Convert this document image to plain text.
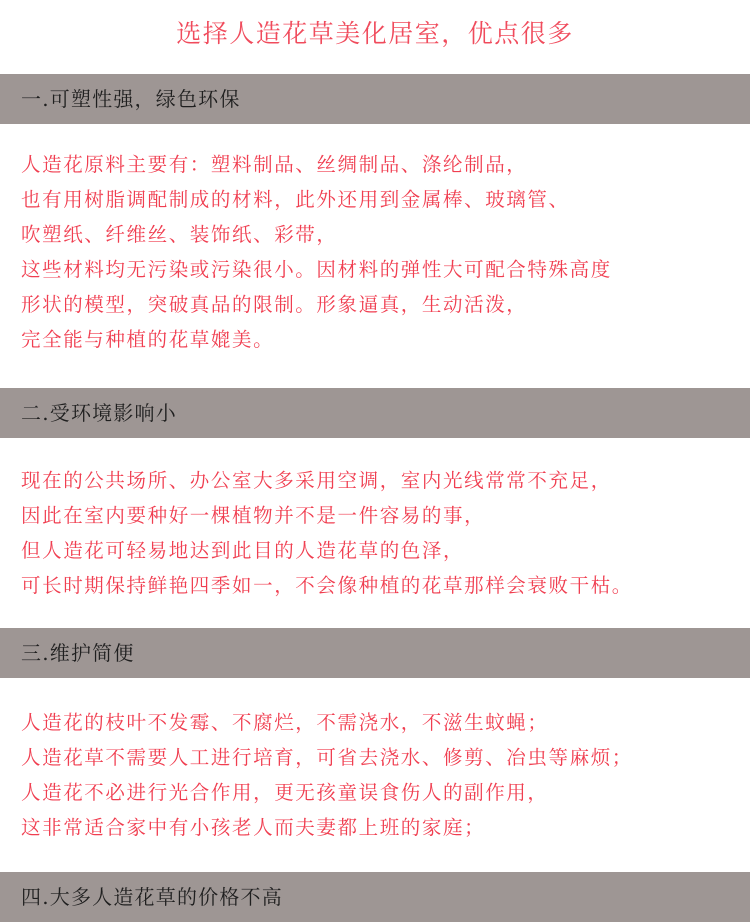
选择人造花草美化居室，优点很多
一.可塑性强，绿色环保
人造花原料主要有：塑料制品、丝绸制品、涤纶制品，
也有用树脂调配制成的材料，此外还用到金属棒、玻璃管、
吹塑纸、纤维丝、装饰纸、彩带，
这些材料均无污染或污染很小。因材料的弹性大可配合特殊高度
形状的模型，突破真品的限制。形象逼真，生动活泼，
完全能与种植的花草媲美。
二.受环境影响小
现在的公共场所、办公室大多采用空调，室内光线常常不充足，
因此在室内要种好一棵植物并不是一件容易的事，
但人造花可轻易地达到此目的人造花草的色泽，
可长时期保持鲜艳四季如一，不会像种植的花草那样会衰败干枯。
三.维护简便
人造花的枝叶不发霉、不腐烂，不需浇水，不滋生蚊蝇；
人造花草不需要人工进行培育，可省去浇水、修剪、冶虫等麻烦；
人造花不必进行光合作用，更无孩童误食伤人的副作用，
这非常适合家中有小孩老人而夫妻都上班的家庭；
四.大多人造花草的价格不高
